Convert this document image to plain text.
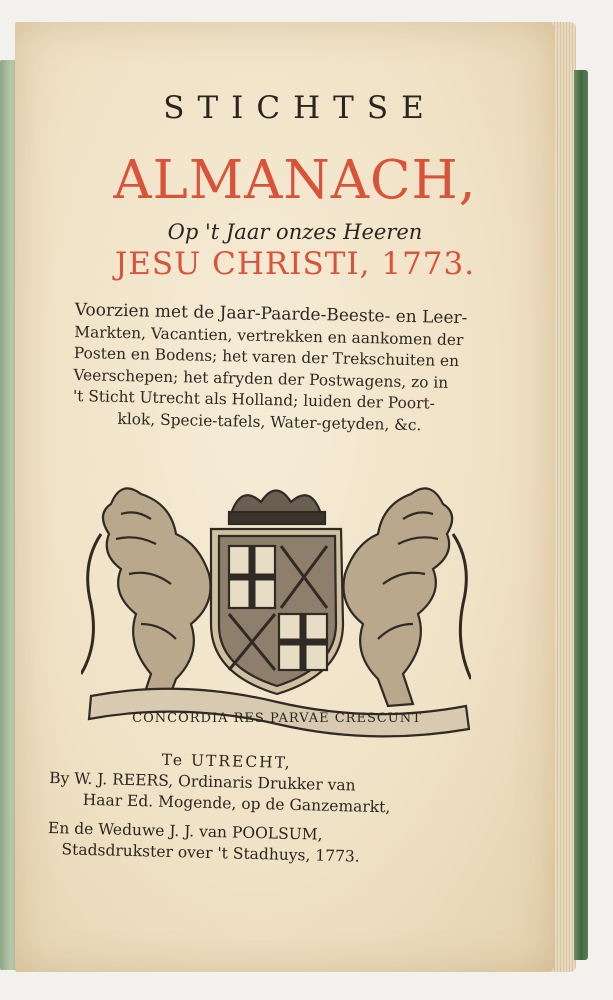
STICHTSE
ALMANACH,
Op 't Jaar onzes Heeren
JESU CHRISTI, 1773.
Voorzien met de Jaar-Paarde-Beeste- en Leer-
Markten, Vacantien, vertrekken en aankomen der
Posten en Bodens; het varen der Trekschuiten en
Veerschepen; het afryden der Postwagens, zo in
't Sticht Utrecht als Holland; luiden der Poort-
klok, Specie-tafels, Water-getyden, &c.
CONCORDIA RES PARVAE CRESCUNT
Te UTRECHT,
By W. J. REERS, Ordinaris Drukker van
Haar Ed. Mogende, op de Ganzemarkt,
En de Weduwe J. J. van POOLSUM,
Stadsdrukster over 't Stadhuys, 1773.
